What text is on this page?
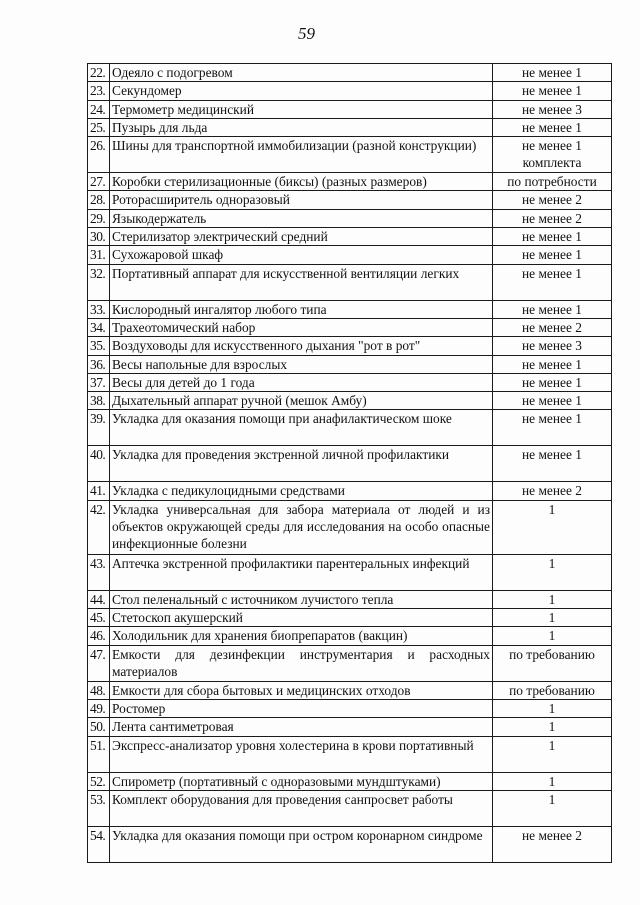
59
22.	Одеяло с подогревом	не менее 1
23.	Секундомер	не менее 1
24.	Термометр медицинский	не менее 3
25.	Пузырь для льда	не менее 1
26.	Шины для транспортной иммобилизации (разной конструкции)	не менее 1 комплекта
27.	Коробки стерилизационные (биксы) (разных размеров)	по потребности
28.	Роторасширитель одноразовый	не менее 2
29.	Языкодержатель	не менее 2
30.	Стерилизатор электрический средний	не менее 1
31.	Сухожаровой шкаф	не менее 1
32.	Портативный аппарат для искусственной вентиляции легких	не менее 1
33.	Кислородный ингалятор любого типа	не менее 1
34.	Трахеотомический набор	не менее 2
35.	Воздуховоды для искусственного дыхания "рот в рот"	не менее 3
36.	Весы напольные для взрослых	не менее 1
37.	Весы для детей до 1 года	не менее 1
38.	Дыхательный аппарат ручной (мешок Амбу)	не менее 1
39.	Укладка для оказания помощи при анафилактическом шоке	не менее 1
40.	Укладка для проведения экстренной личной профилактики	не менее 1
41.	Укладка с педикулоцидными средствами	не менее 2
42.	Укладка универсальная для забора материала от людей и из объектов окружающей среды для исследования на особо опасные инфекционные болезни	1
43.	Аптечка экстренной профилактики парентеральных инфекций	1
44.	Стол пеленальный с источником лучистого тепла	1
45.	Стетоскоп акушерский	1
46.	Холодильник для хранения биопрепаратов (вакцин)	1
47.	Емкости для дезинфекции инструментария и расходных материалов	по требованию
48.	Емкости для сбора бытовых и медицинских отходов	по требованию
49.	Ростомер	1
50.	Лента сантиметровая	1
51.	Экспресс-анализатор уровня холестерина в крови портативный	1
52.	Спирометр (портативный с одноразовыми мундштуками)	1
53.	Комплект оборудования для проведения санпросвет работы	1
54.	Укладка для оказания помощи при остром коронарном синдроме	не менее 2
